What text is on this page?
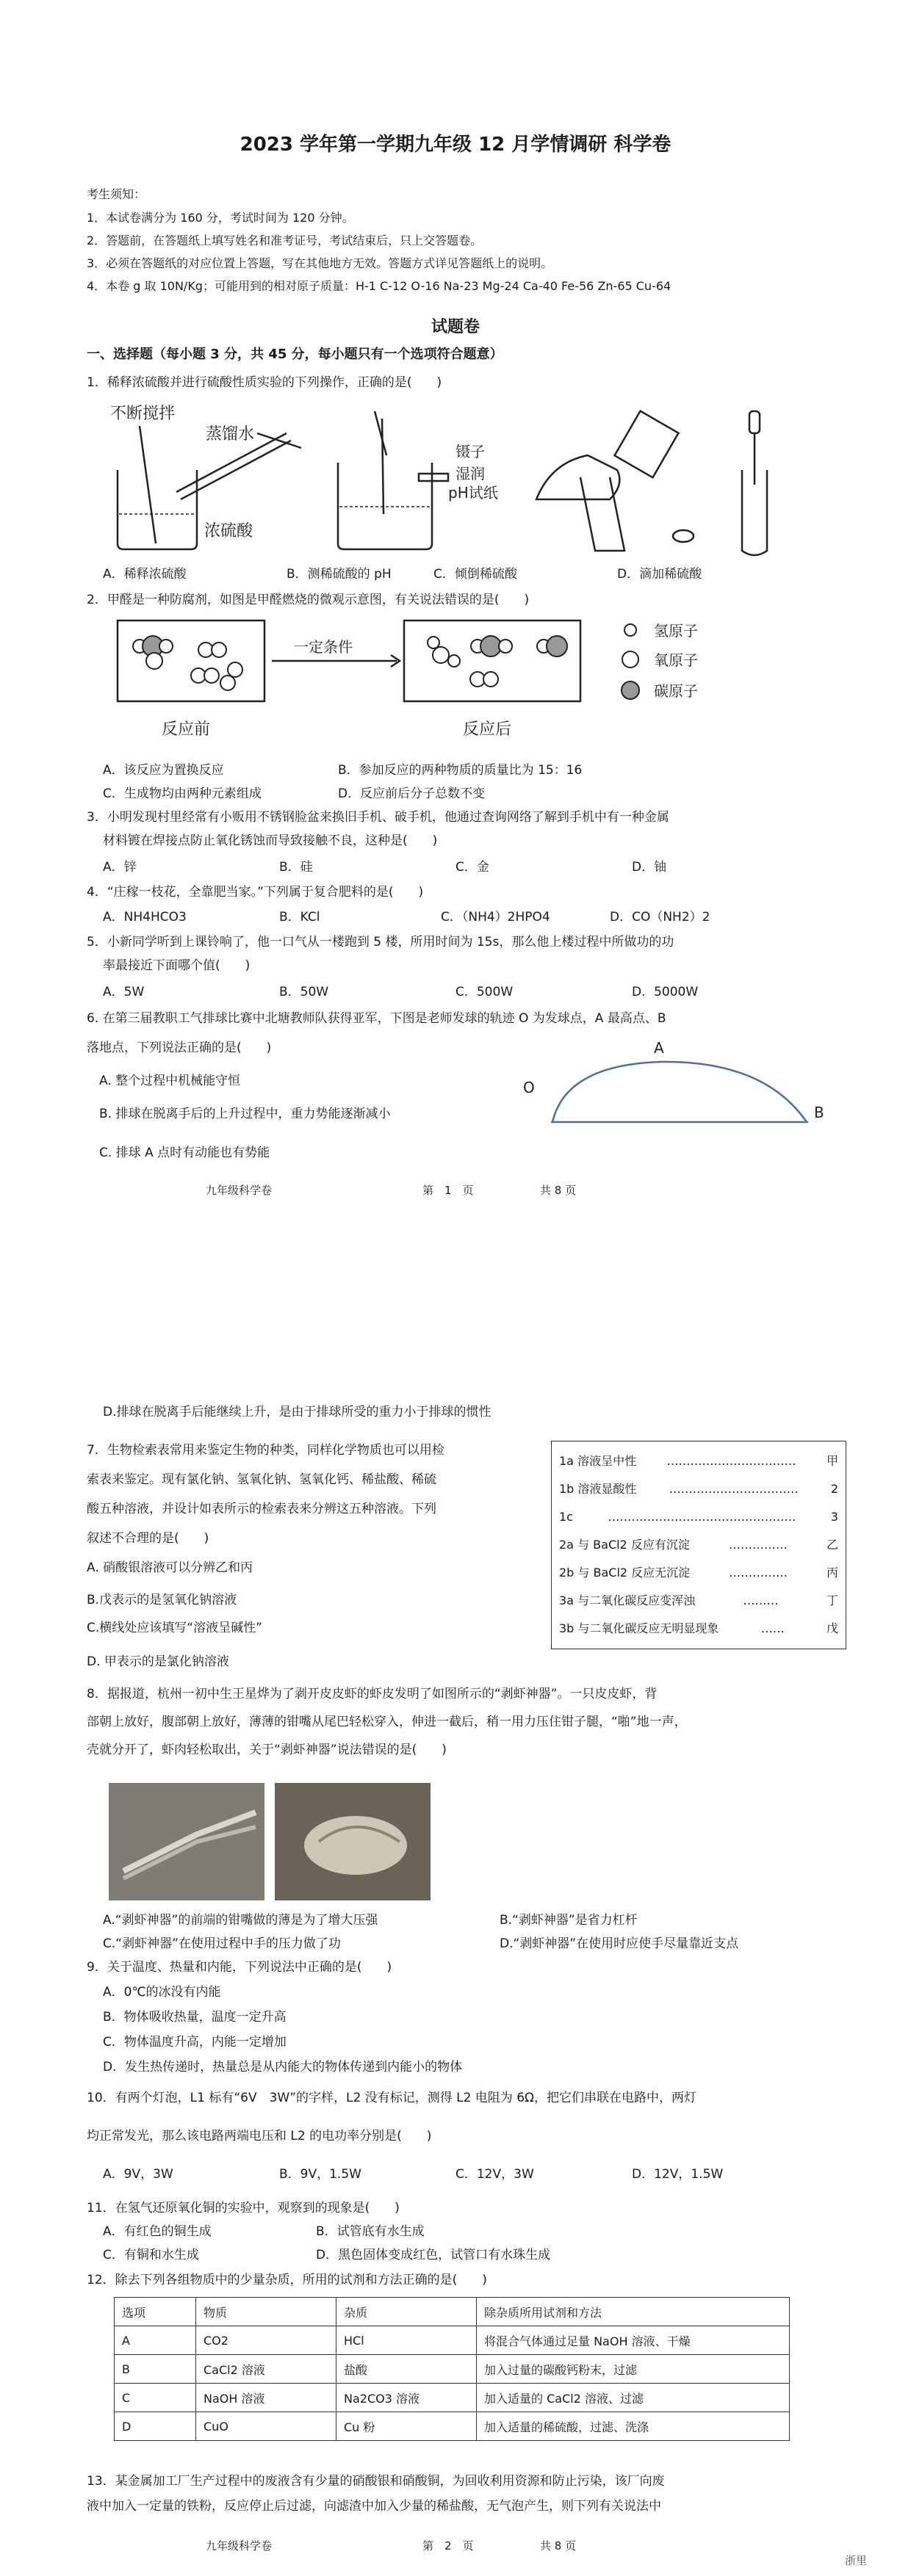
2023 学年第一学期九年级 12 月学情调研 科学卷
考生须知：
1．本试卷满分为 160 分，考试时间为 120 分钟。
2．答题前，在答题纸上填写姓名和准考证号，考试结束后，只上交答题卷。
3．必须在答题纸的对应位置上答题，写在其他地方无效。答题方式详见答题纸上的说明。
4．本卷 g 取 10N/Kg；可能用到的相对原子质量：H-1 C-12 O-16 Na-23 Mg-24 Ca-40 Fe-56 Zn-65 Cu-64
试题卷
一、选择题（每小题 3 分，共 45 分，每小题只有一个选项符合题意）
1．稀释浓硫酸并进行硫酸性质实验的下列操作，正确的是(　　)
不断搅拌
蒸馏水
浓硫酸
镊子
湿润
pH试纸
A．稀释浓硫酸	B．测稀硫酸的 pH	C．倾倒稀硫酸	D．滴加稀硫酸
2．甲醛是一种防腐剂，如图是甲醛燃烧的微观示意图，有关说法错误的是(　　)
一定条件
反应前	反应后
氢原子
氧原子
碳原子
A．该反应为置换反应	B．参加反应的两种物质的质量比为 15：16
C．生成物均由两种元素组成	D．反应前后分子总数不变
3．小明发现村里经常有小贩用不锈钢脸盆来换旧手机、破手机，他通过查询网络了解到手机中有一种金属
材料镀在焊接点防止氧化锈蚀而导致接触不良，这种是(　　)
A．锌	B．硅	C．金	D．铀
4．“庄稼一枝花，全靠肥当家。”下列属于复合肥料的是(　　)
A．NH4HCO3	B．KCl	C．（NH4）2HPO4	D．CO（NH2）2
5．小新同学听到上课铃响了，他一口气从一楼跑到 5 楼，所用时间为 15s，那么他上楼过程中所做功的功
率最接近下面哪个值(　　)
A．5W	B．50W	C．500W	D．5000W
6. 在第三届教职工气排球比赛中北塘教师队获得亚军，下图是老师发球的轨迹 O 为发球点，A 最高点、B
落地点，下列说法正确的是(　　)
A. 整个过程中机械能守恒
B. 排球在脱离手后的上升过程中，重力势能逐渐减小
C. 排球 A 点时有动能也有势能
O
A
B
九年级科学卷	第　1　页	共 8 页
D.排球在脱离手后能继续上升，是由于排球所受的重力小于排球的惯性
7．生物检索表常用来鉴定生物的种类，同样化学物质也可以用检
索表来鉴定。现有氯化钠、氢氧化钠、氢氧化钙、稀盐酸、稀硫
酸五种溶液，并设计如表所示的检索表来分辨这五种溶液。下列
叙述不合理的是(　　)
A. 硝酸银溶液可以分辨乙和丙
B.戊表示的是氢氧化钠溶液
C.横线处应该填写“溶液呈碱性”
D. 甲表示的是氯化钠溶液
1a 溶液呈中性	……………………………	甲
1b 溶液显酸性	……………………………	2
1c	…………………………………………	3
2a 与 BaCl2 反应有沉淀	……………	乙
2b 与 BaCl2 反应无沉淀	……………	丙
3a 与二氧化碳反应变浑浊	………	丁
3b 与二氧化碳反应无明显现象	……	戊
8．据报道，杭州一初中生王星烨为了剥开皮皮虾的虾皮发明了如图所示的“剥虾神器”。一只皮皮虾，背
部朝上放好，腹部朝上放好，薄薄的钳嘴从尾巴轻松穿入，伸进一截后，稍一用力压住钳子腿，“啪”地一声，
壳就分开了，虾肉轻松取出，关于“剥虾神器”说法错误的是(　　)
A.“剥虾神器”的前端的钳嘴做的薄是为了增大压强	B.“剥虾神器”是省力杠杆
C.“剥虾神器”在使用过程中手的压力做了功	D.“剥虾神器”在使用时应使手尽量靠近支点
9．关于温度、热量和内能，下列说法中正确的是(　　)
A．0℃的冰没有内能
B．物体吸收热量，温度一定升高
C．物体温度升高，内能一定增加
D．发生热传递时，热量总是从内能大的物体传递到内能小的物体
10．有两个灯泡，L1 标有“6V　3W”的字样，L2 没有标记，测得 L2 电阻为 6Ω，把它们串联在电路中，两灯
均正常发光，那么该电路两端电压和 L2 的电功率分别是(　　)
A．9V，3W	B．9V，1.5W	C．12V，3W	D．12V，1.5W
11．在氢气还原氧化铜的实验中，观察到的现象是(　　)
A．有红色的铜生成	B．试管底有水生成
C．有铜和水生成	D．黑色固体变成红色，试管口有水珠生成
12．除去下列各组物质中的少量杂质，所用的试剂和方法正确的是(　　)
选项	物质	杂质	除杂质所用试剂和方法
A	CO2	HCl	将混合气体通过足量 NaOH 溶液、干燥
B	CaCl2 溶液	盐酸	加入过量的碳酸钙粉末，过滤
C	NaOH 溶液	Na2CO3 溶液	加入适量的 CaCl2 溶液、过滤
D	CuO	Cu 粉	加入适量的稀硫酸，过滤、洗涤
13．某金属加工厂生产过程中的废液含有少量的硝酸银和硝酸铜，为回收利用资源和防止污染，该厂向废
液中加入一定量的铁粉，反应停止后过滤，向滤渣中加入少量的稀盐酸，无气泡产生，则下列有关说法中
九年级科学卷	第　2　页	共 8 页
浙里
